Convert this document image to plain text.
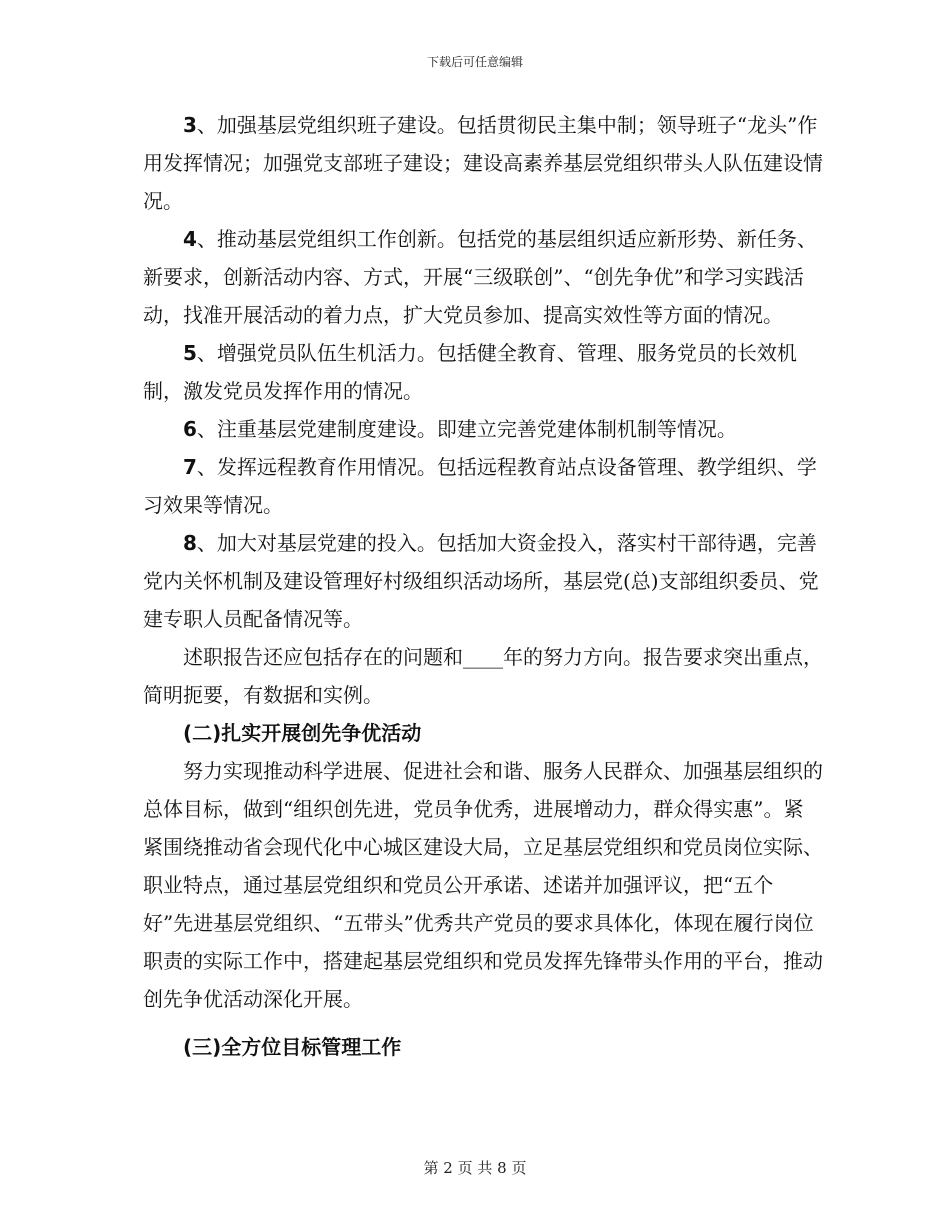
下载后可任意编辑

3、加强基层党组织班子建设。包括贯彻民主集中制；领导班子“龙头”作用发挥情况；加强党支部班子建设；建设高素养基层党组织带头人队伍建设情况。

4、推动基层党组织工作创新。包括党的基层组织适应新形势、新任务、新要求，创新活动内容、方式，开展“三级联创”、“创先争优”和学习实践活动，找准开展活动的着力点，扩大党员参加、提高实效性等方面的情况。

5、增强党员队伍生机活力。包括健全教育、管理、服务党员的长效机制，激发党员发挥作用的情况。

6、注重基层党建制度建设。即建立完善党建体制机制等情况。

7、发挥远程教育作用情况。包括远程教育站点设备管理、教学组织、学习效果等情况。

8、加大对基层党建的投入。包括加大资金投入，落实村干部待遇，完善党内关怀机制及建设管理好村级组织活动场所，基层党(总)支部组织委员、党建专职人员配备情况等。

述职报告还应包括存在的问题和____年的努力方向。报告要求突出重点，简明扼要，有数据和实例。

(二)扎实开展创先争优活动

努力实现推动科学进展、促进社会和谐、服务人民群众、加强基层组织的总体目标，做到“组织创先进，党员争优秀，进展增动力，群众得实惠”。紧紧围绕推动省会现代化中心城区建设大局，立足基层党组织和党员岗位实际、职业特点，通过基层党组织和党员公开承诺、述诺并加强评议，把“五个好”先进基层党组织、“五带头”优秀共产党员的要求具体化，体现在履行岗位职责的实际工作中，搭建起基层党组织和党员发挥先锋带头作用的平台，推动创先争优活动深化开展。

(三)全方位目标管理工作

第 2 页 共 8 页
